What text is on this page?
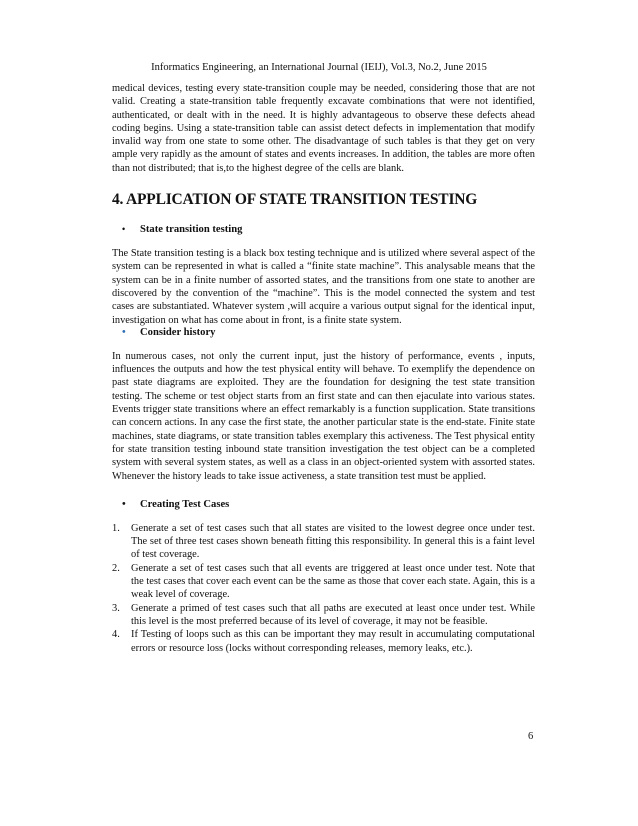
Informatics Engineering, an International Journal (IEIJ), Vol.3, No.2, June 2015

medical devices, testing every state-transition couple may be needed, considering those that are not valid. Creating a state-transition table frequently excavate combinations that were not identified, authenticated, or dealt with in the need. It is highly advantageous to observe these defects ahead coding begins. Using a state-transition table can assist detect defects in implementation that modify invalid way from one state to some other. The disadvantage of such tables is that they get on very ample very rapidly as the amount of states and events increases. In addition, the tables are more often than not distributed; that is,to the highest degree of the cells are blank.

4. APPLICATION OF STATE TRANSITION TESTING
•	State transition testing

The State transition testing is a black box testing technique and is utilized where several aspect of the system can be represented in what is called a “finite state machine”. This analysable means that the system can be in a finite number of assorted states, and the transitions from one state to another are discovered by the convention of the “machine”. This is the model connected the system and test cases are substantiated. Whatever system ,will acquire a various output signal for the identical input, investigation on what has come about in front, is a finite state system.

•	Consider history

In numerous cases, not only the current input, just the history of performance, events , inputs, influences the outputs and how the test physical entity will behave. To exemplify the dependence on past state diagrams are exploited. They are the foundation for designing the test state transition testing. The scheme or test object starts from an first state and can then ejaculate into various states. Events trigger state transitions where an effect remarkably is a function supplication. State transitions can concern actions. In any case the first state, the another particular state is the end-state. Finite state machines, state diagrams, or state transition tables exemplary this activeness. The Test physical entity for state transition testing inbound state transition investigation the test object can be a completed system with several system states, as well as a class in an object-oriented system with assorted states. Whenever the history leads to take issue activeness, a state transition test must be applied.

•	Creating Test Cases
1.	Generate a set of test cases such that all states are visited to the lowest degree once under test. The set of three test cases shown beneath fitting this responsibility. In general this is a faint level of test coverage.
2.	Generate a set of test cases such that all events are triggered at least once under test. Note that the test cases that cover each event can be the same as those that cover each state. Again, this is a weak level of coverage.
3.	Generate a primed of test cases such that all paths are executed at least once under test. While this level is the most preferred because of its level of coverage, it may not be feasible.
4.	If Testing of loops such as this can be important they may result in accumulating computational errors or resource loss (locks without corresponding releases, memory leaks, etc.).
6
